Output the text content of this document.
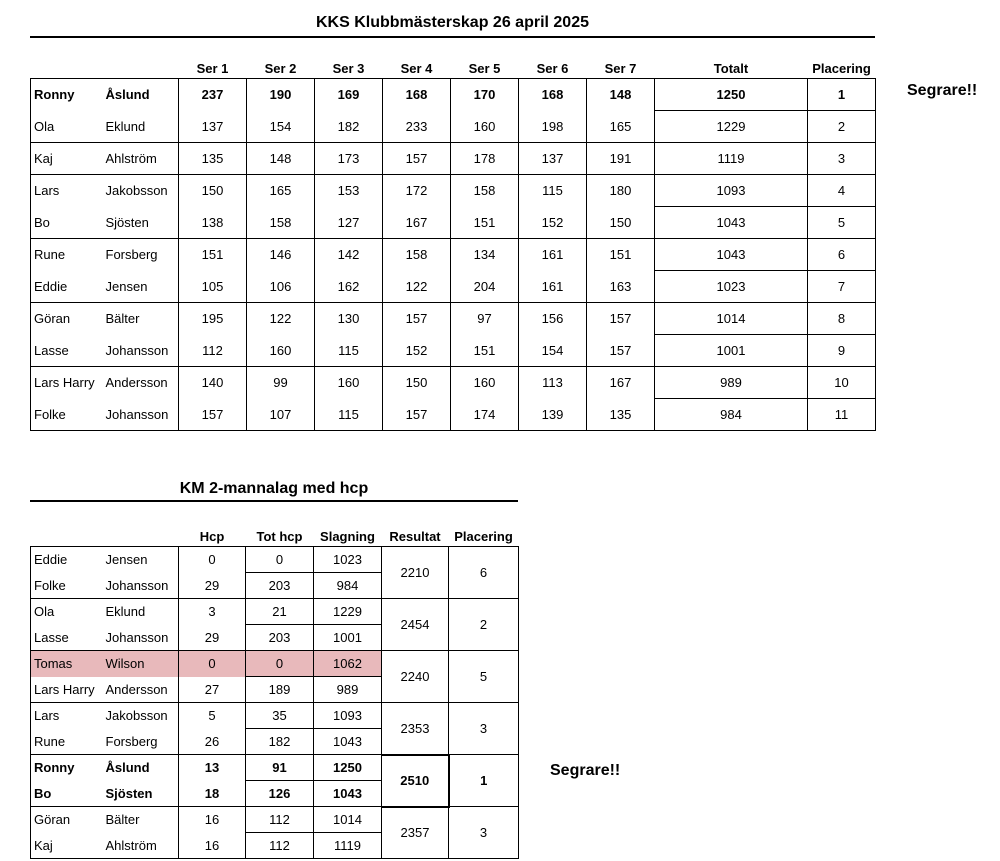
KKS Klubbmästerskap 26 april 2025
		Ser 1	Ser 2	Ser 3	Ser 4	Ser 5	Ser 6	Ser 7	Totalt	Placering
Ronny	Åslund	237	190	169	168	170	168	148	1250	1
Ola	Eklund	137	154	182	233	160	198	165	1229	2
Kaj	Ahlström	135	148	173	157	178	137	191	1119	3
Lars	Jakobsson	150	165	153	172	158	115	180	1093	4
Bo	Sjösten	138	158	127	167	151	152	150	1043	5
Rune	Forsberg	151	146	142	158	134	161	151	1043	6
Eddie	Jensen	105	106	162	122	204	161	163	1023	7
Göran	Bälter	195	122	130	157	97	156	157	1014	8
Lasse	Johansson	112	160	115	152	151	154	157	1001	9
Lars Harry	Andersson	140	99	160	150	160	113	167	989	10
Folke	Johansson	157	107	115	157	174	139	135	984	11
Segrare!!
KM 2-mannalag med hcp
		Hcp	Tot hcp	Slagning	Resultat	Placering
Eddie	Jensen	0	0	1023	2210	6
Folke	Johansson	29	203	984		
Ola	Eklund	3	21	1229	2454	2
Lasse	Johansson	29	203	1001		
Tomas	Wilson	0	0	1062	2240	5
Lars Harry	Andersson	27	189	989		
Lars	Jakobsson	5	35	1093	2353	3
Rune	Forsberg	26	182	1043		
Ronny	Åslund	13	91	1250	2510	1
Bo	Sjösten	18	126	1043		
Göran	Bälter	16	112	1014	2357	3
Kaj	Ahlström	16	112	1119		
Segrare!!
